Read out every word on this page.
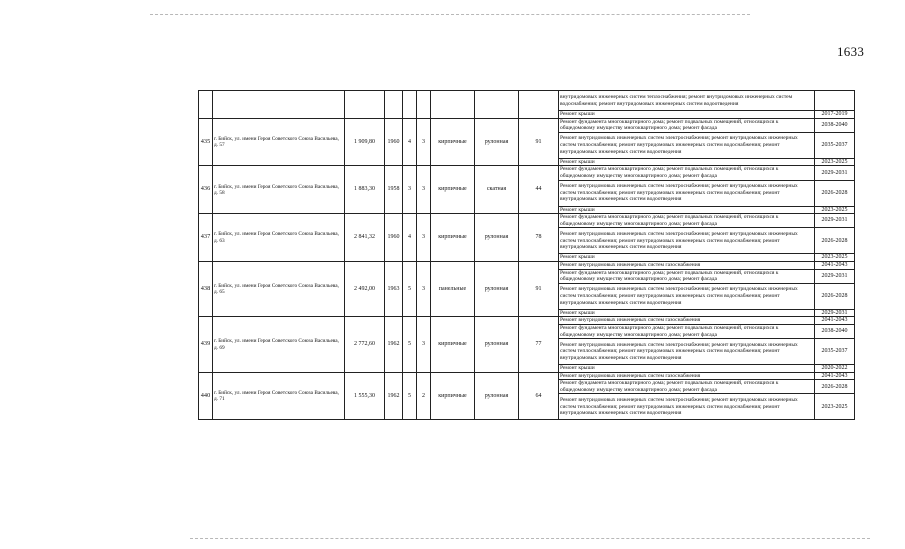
1633
									внутридомовых инженерных систем теплоснабжения; ремонт внутридомовых инженерных систем водоснабжения; ремонт внутридомовых инженерных систем водоотведения	
									Ремонт крыши	2017-2019
435	г. Бийск, ул. имени Героя Советского Союза Васильева, д. 57	1 909,80	1960	4	3	кирпичные	рулонная	91	Ремонт фундамента многоквартирного дома; ремонт подвальных помещений, относящихся к общедомовому имуществу многоквартирного дома; ремонт фасада	2038-2040
									Ремонт внутридомовых инженерных систем электроснабжения; ремонт внутридомовых инженерных систем теплоснабжения; ремонт внутридомовых инженерных систем водоснабжения; ремонт внутридомовых инженерных систем водоотведения	2035-2037
									Ремонт крыши	2023-2025
436	г. Бийск, ул. имени Героя Советского Союза Васильева, д. 58	1 883,30	1958	3	3	кирпичные	скатная	44	Ремонт фундамента многоквартирного дома; ремонт подвальных помещений, относящихся к общедомовому имуществу многоквартирного дома; ремонт фасада	2029-2031
									Ремонт внутридомовых инженерных систем электроснабжения; ремонт внутридомовых инженерных систем теплоснабжения; ремонт внутридомовых инженерных систем водоснабжения; ремонт внутридомовых инженерных систем водоотведения	2026-2028
									Ремонт крыши	2023-2025
437	г. Бийск, ул. имени Героя Советского Союза Васильева, д. 63	2 841,32	1960	4	3	кирпичные	рулонная	78	Ремонт фундамента многоквартирного дома; ремонт подвальных помещений, относящихся к общедомовому имуществу многоквартирного дома; ремонт фасада	2029-2031
									Ремонт внутридомовых инженерных систем электроснабжения; ремонт внутридомовых инженерных систем теплоснабжения; ремонт внутридомовых инженерных систем водоснабжения; ремонт внутридомовых инженерных систем водоотведения	2026-2028
									Ремонт крыши	2023-2025
438	г. Бийск, ул. имени Героя Советского Союза Васильева, д. 65	2 492,00	1963	5	3	панельные	рулонная	91	Ремонт внутридомовых инженерных систем газоснабжения	2041-2043
									Ремонт фундамента многоквартирного дома; ремонт подвальных помещений, относящихся к общедомовому имуществу многоквартирного дома; ремонт фасада	2029-2031
									Ремонт внутридомовых инженерных систем электроснабжения; ремонт внутридомовых инженерных систем теплоснабжения; ремонт внутридомовых инженерных систем водоснабжения; ремонт внутридомовых инженерных систем водоотведения	2026-2028
									Ремонт крыши	2029-2031
439	г. Бийск, ул. имени Героя Советского Союза Васильева, д. 69	2 772,60	1962	5	3	кирпичные	рулонная	77	Ремонт внутридомовых инженерных систем газоснабжения	2041-2043
									Ремонт фундамента многоквартирного дома; ремонт подвальных помещений, относящихся к общедомовому имуществу многоквартирного дома; ремонт фасада	2038-2040
									Ремонт внутридомовых инженерных систем электроснабжения; ремонт внутридомовых инженерных систем теплоснабжения; ремонт внутридомовых инженерных систем водоснабжения; ремонт внутридомовых инженерных систем водоотведения	2035-2037
									Ремонт крыши	2020-2022
440	г. Бийск, ул. имени Героя Советского Союза Васильева, д. 71	1 555,30	1962	5	2	кирпичные	рулонная	64	Ремонт внутридомовых инженерных систем газоснабжения	2041-2043
									Ремонт фундамента многоквартирного дома; ремонт подвальных помещений, относящихся к общедомовому имуществу многоквартирного дома; ремонт фасада	2026-2028
									Ремонт внутридомовых инженерных систем электроснабжения; ремонт внутридомовых инженерных систем теплоснабжения; ремонт внутридомовых инженерных систем водоснабжения; ремонт внутридомовых инженерных систем водоотведения	2023-2025
